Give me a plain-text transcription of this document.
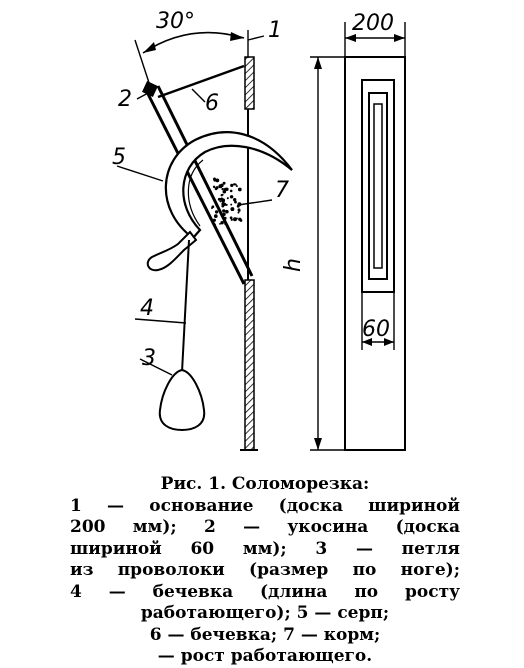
30°	1
2	6
5
7
4
3
200
60
h
Рис. 1. Соломорезка:
1 — основание (доска шириной
200 мм); 2 — укосина (доска
шириной 60 мм); 3 — петля
из проволоки (размер по ноге);
4 — бечевка (длина по росту
работающего); 5 — серп;
6 — бечевка; 7 — корм;
— рост работающего.
